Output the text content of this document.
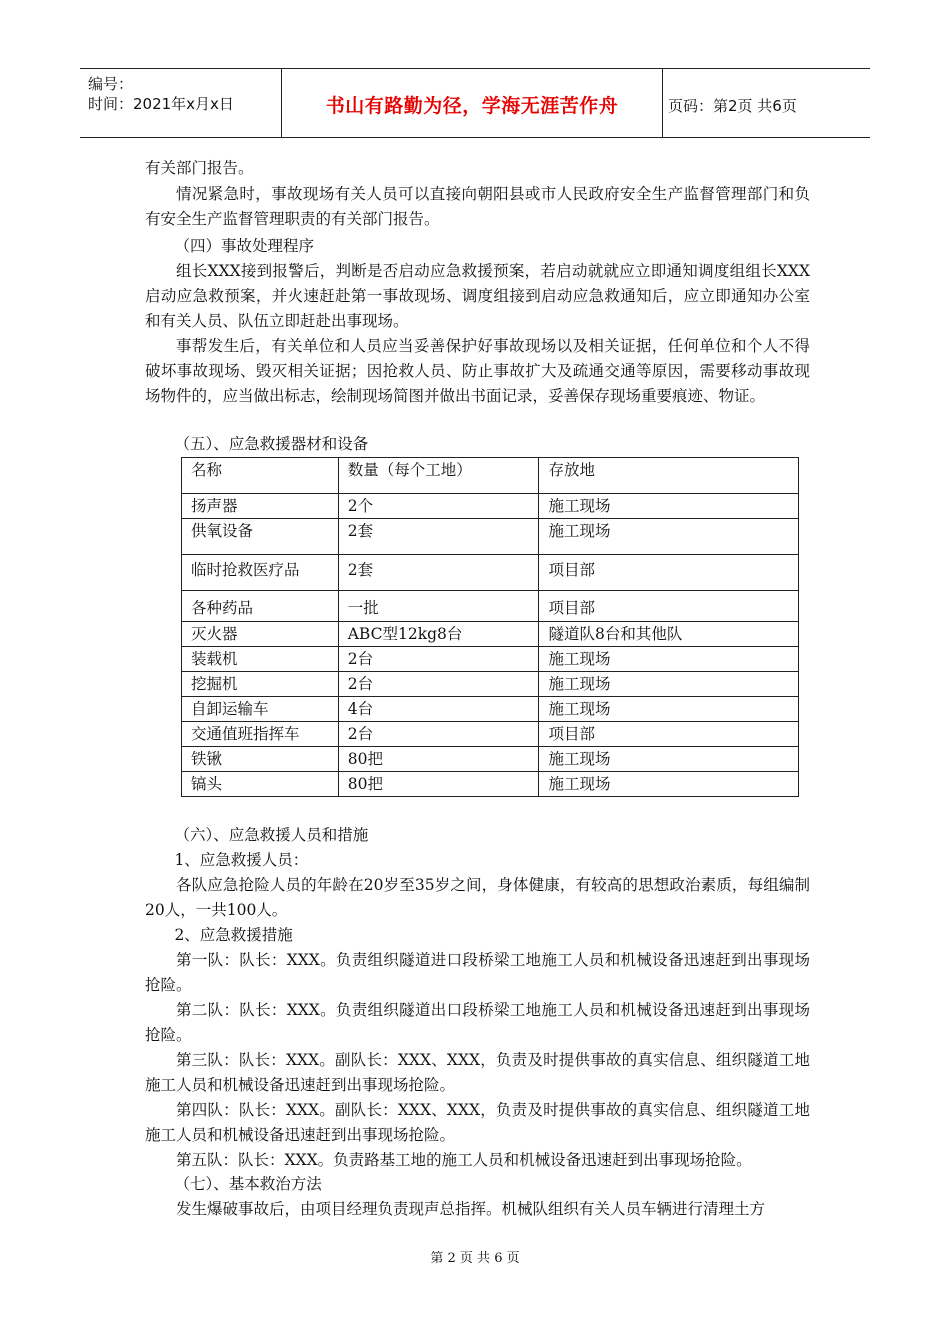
编号：
时间：2021年x月x日	书山有路勤为径，学海无涯苦作舟	页码：第2页 共6页

有关部门报告。

情况紧急时，事故现场有关人员可以直接向朝阳县或市人民政府安全生产监督管理部门和负有安全生产监督管理职责的有关部门报告。

（四）事故处理程序

组长XXX接到报警后，判断是否启动应急救援预案，若启动就就应立即通知调度组组长XXX启动应急救预案，并火速赶赴第一事故现场、调度组接到启动应急救通知后，应立即通知办公室和有关人员、队伍立即赶赴出事现场。

事帮发生后，有关单位和人员应当妥善保护好事故现场以及相关证据，任何单位和个人不得破坏事故现场、毁灭相关证据；因抢救人员、防止事故扩大及疏通交通等原因，需要移动事故现场物件的，应当做出标志，绘制现场简图并做出书面记录，妥善保存现场重要痕迹、物证。

（五）、应急救援器材和设备

名称	数量（每个工地）	存放地
扬声器	2个	施工现场
供氧设备	2套	施工现场
临时抢救医疗品	2套	项目部
各种药品	一批	项目部
灭火器	ABC型12kg8台	隧道队8台和其他队
装载机	2台	施工现场
挖掘机	2台	施工现场
自卸运输车	4台	施工现场
交通值班指挥车	2台	项目部
铁锹	80把	施工现场
镐头	80把	施工现场

（六）、应急救援人员和措施

1、应急救援人员：

各队应急抢险人员的年龄在20岁至35岁之间，身体健康，有较高的思想政治素质，每组编制20人，一共100人。

2、应急救援措施

第一队：队长：XXX。负责组织隧道进口段桥梁工地施工人员和机械设备迅速赶到出事现场抢险。

第二队：队长：XXX。负责组织隧道出口段桥梁工地施工人员和机械设备迅速赶到出事现场抢险。

第三队：队长：XXX。副队长：XXX、XXX，负责及时提供事故的真实信息、组织隧道工地施工人员和机械设备迅速赶到出事现场抢险。

第四队：队长：XXX。副队长：XXX、XXX，负责及时提供事故的真实信息、组织隧道工地施工人员和机械设备迅速赶到出事现场抢险。

第五队：队长：XXX。负责路基工地的施工人员和机械设备迅速赶到出事现场抢险。

（七）、基本救治方法

发生爆破事故后，由项目经理负责现声总指挥。机械队组织有关人员车辆进行清理土方

第 2 页 共 6 页
